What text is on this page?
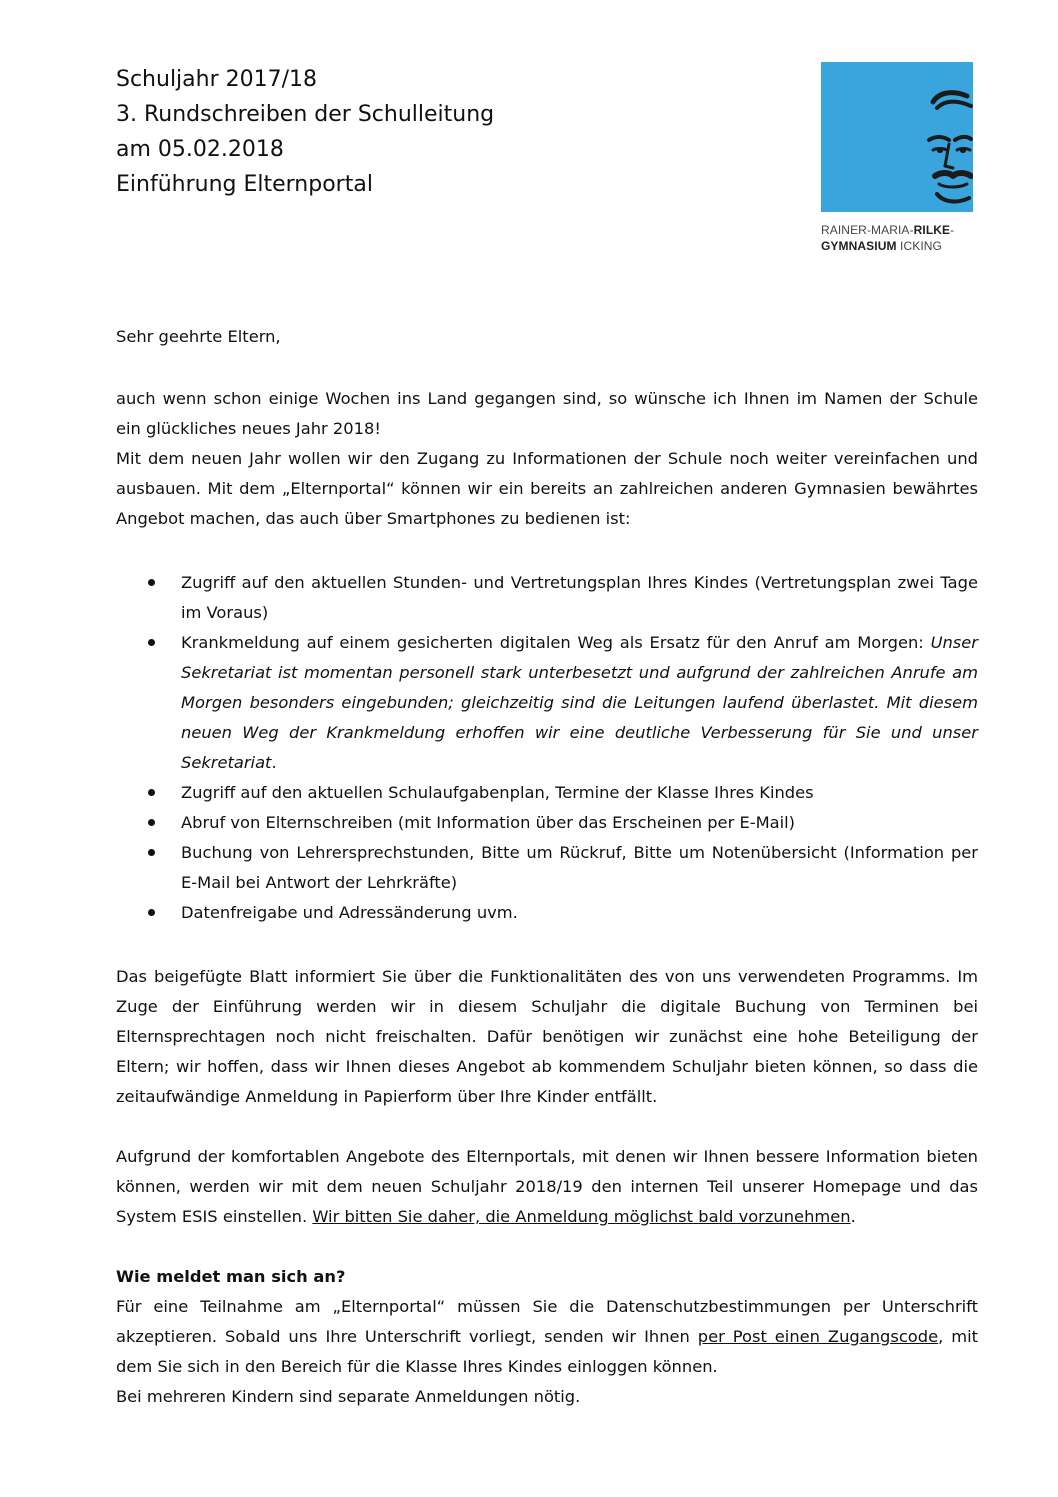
Schuljahr 2017/18
3. Rundschreiben der Schulleitung
am 05.02.2018
Einführung Elternportal
RAINER-MARIA-RILKE-
GYMNASIUM ICKING

Sehr geehrte Eltern,

auch wenn schon einige Wochen ins Land gegangen sind, so wünsche ich Ihnen im Namen der Schule ein glückliches neues Jahr 2018!

Mit dem neuen Jahr wollen wir den Zugang zu Informationen der Schule noch weiter vereinfachen und ausbauen. Mit dem „Elternportal“ können wir ein bereits an zahlreichen anderen Gymnasien bewährtes Angebot machen, das auch über Smartphones zu bedienen ist:

Zugriff auf den aktuellen Stunden- und Vertretungsplan Ihres Kindes (Vertretungsplan zwei Tage im Voraus)
Krankmeldung auf einem gesicherten digitalen Weg als Ersatz für den Anruf am Morgen: Unser Sekretariat ist momentan personell stark unterbesetzt und aufgrund der zahlreichen Anrufe am Morgen besonders eingebunden; gleichzeitig sind die Leitungen laufend überlastet. Mit diesem neuen Weg der Krankmeldung erhoffen wir eine deutliche Verbesserung für Sie und unser Sekretariat.
Zugriff auf den aktuellen Schulaufgabenplan, Termine der Klasse Ihres Kindes
Abruf von Elternschreiben (mit Information über das Erscheinen per E-Mail)
Buchung von Lehrersprechstunden, Bitte um Rückruf, Bitte um Notenübersicht (Information per E-Mail bei Antwort der Lehrkräfte)
Datenfreigabe und Adressänderung uvm.

Das beigefügte Blatt informiert Sie über die Funktionalitäten des von uns verwendeten Programms. Im Zuge der Einführung werden wir in diesem Schuljahr die digitale Buchung von Terminen bei Elternsprechtagen noch nicht freischalten. Dafür benötigen wir zunächst eine hohe Beteiligung der Eltern; wir hoffen, dass wir Ihnen dieses Angebot ab kommendem Schuljahr bieten können, so dass die zeitaufwändige Anmeldung in Papierform über Ihre Kinder entfällt.

Aufgrund der komfortablen Angebote des Elternportals, mit denen wir Ihnen bessere Information bieten können, werden wir mit dem neuen Schuljahr 2018/19 den internen Teil unserer Homepage und das System ESIS einstellen. Wir bitten Sie daher, die Anmeldung möglichst bald vorzunehmen.

Wie meldet man sich an?

Für eine Teilnahme am „Elternportal“ müssen Sie die Datenschutzbestimmungen per Unterschrift akzeptieren. Sobald uns Ihre Unterschrift vorliegt, senden wir Ihnen per Post einen Zugangscode, mit dem Sie sich in den Bereich für die Klasse Ihres Kindes einloggen können.

Bei mehreren Kindern sind separate Anmeldungen nötig.
